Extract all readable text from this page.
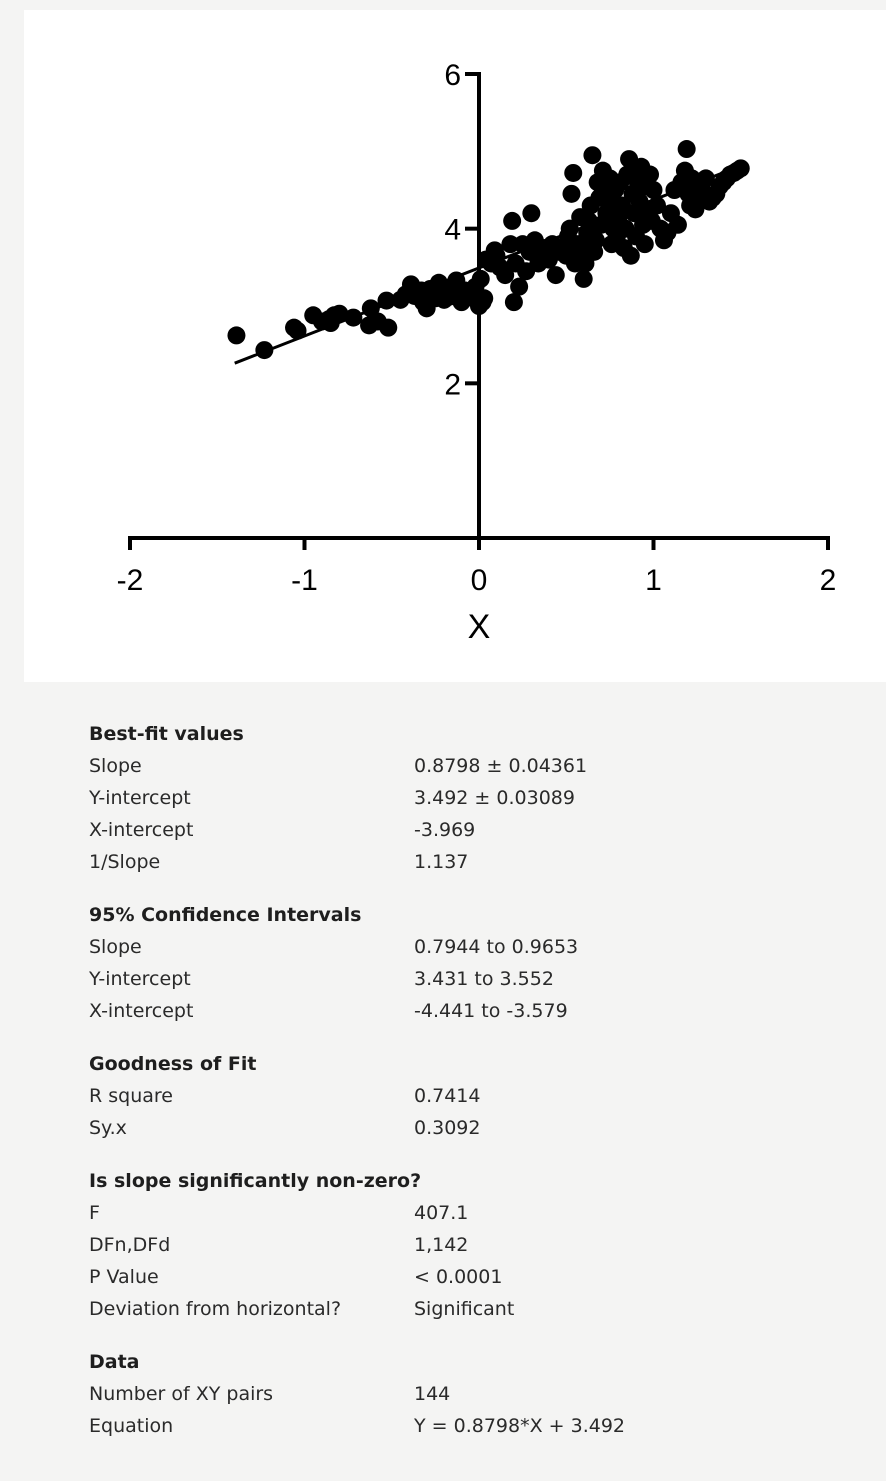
-2	-1	0	1	2
2
4
6
X
Best-fit values
Slope	0.8798 ± 0.04361
Y-intercept	3.492 ± 0.03089
X-intercept	-3.969
1/Slope	1.137
95% Confidence Intervals
Slope	0.7944 to 0.9653
Y-intercept	3.431 to 3.552
X-intercept	-4.441 to -3.579
Goodness of Fit
R square	0.7414
Sy.x	0.3092
Is slope significantly non-zero?
F	407.1
DFn,DFd	1,142
P Value	< 0.0001
Deviation from horizontal?	Significant
Data
Number of XY pairs	144
Equation	Y = 0.8798*X + 3.492
